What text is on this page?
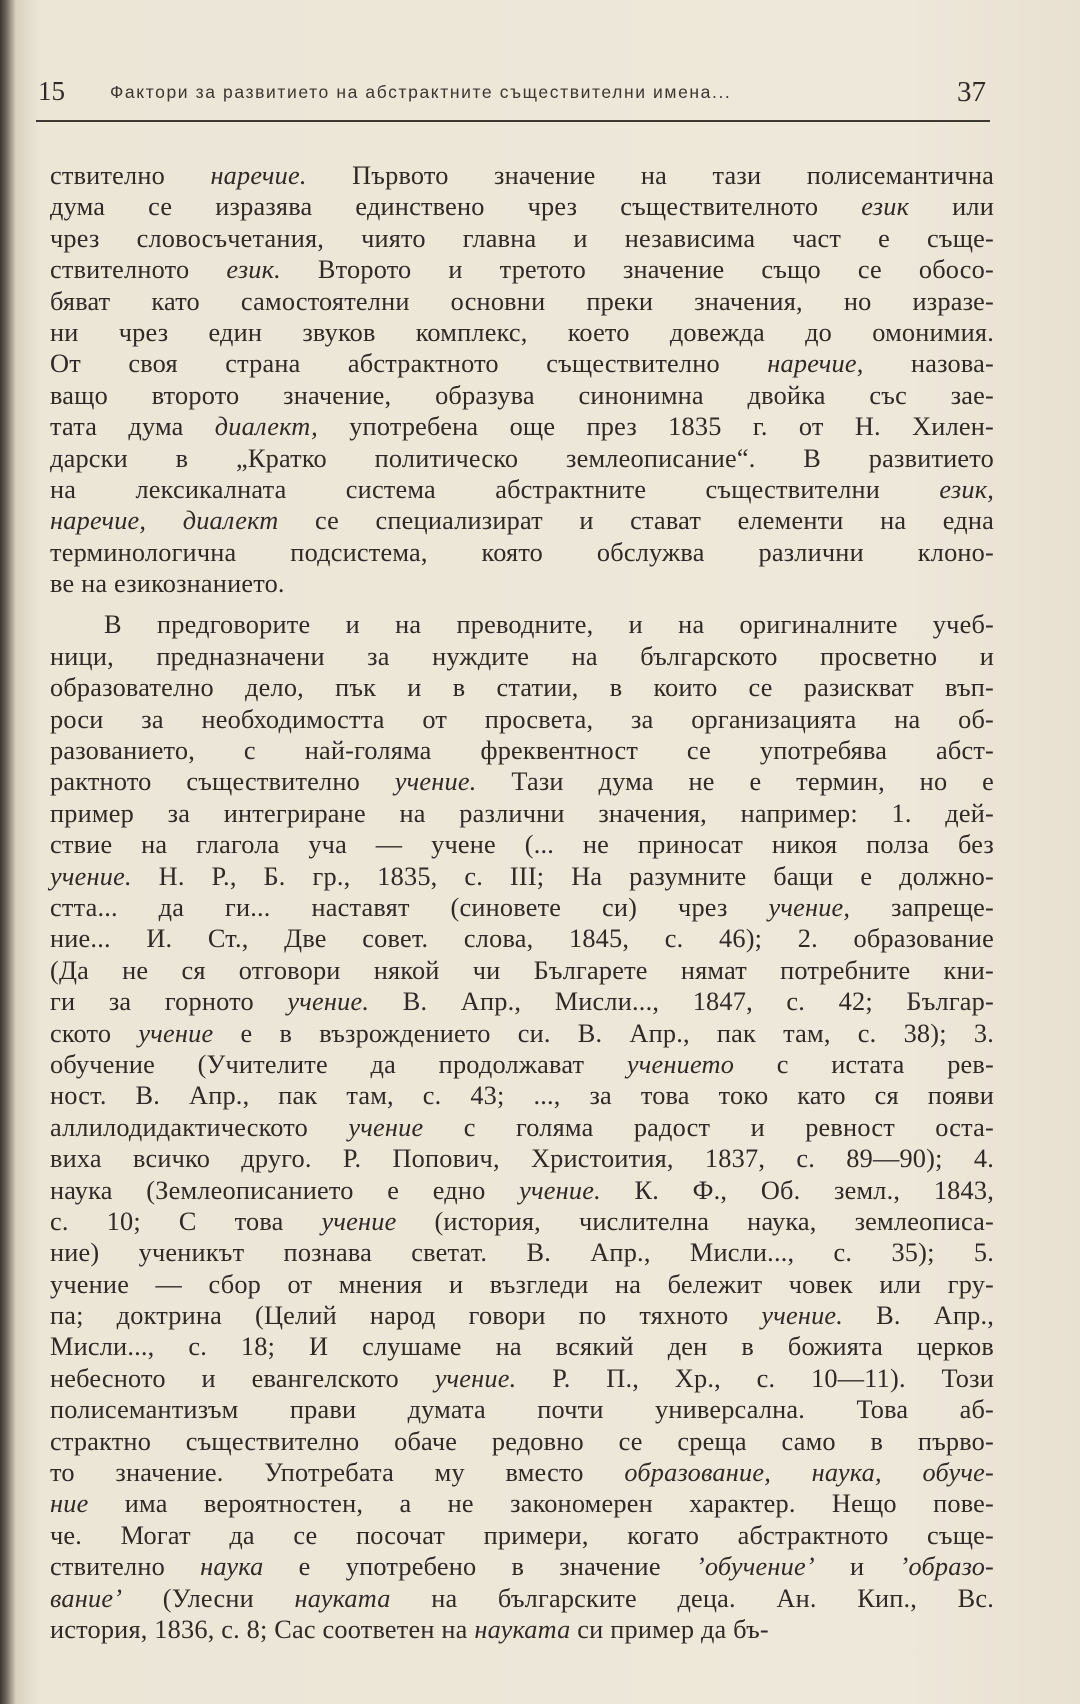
15	Фактори за развитието на абстрактните съществителни имена...	37
ствително наречие. Първото значение на тази полисемантична
дума се изразява единствено чрез съществителното език или
чрез словосъчетания, чиято главна и независима част е съще-
ствителното език. Второто и третото значение също се обосо-
бяват като самостоятелни основни преки значения, но изразе-
ни чрез един звуков комплекс, което довежда до омонимия.
От своя страна абстрактното съществително наречие, назова-
ващо второто значение, образува синонимна двойка със зае-
тата дума диалект, употребена още през 1835 г. от Н. Хилен-
дарски в „Кратко политическо землеописание“. В развитието
на лексикалната система абстрактните съществителни език,
наречие, диалект се специализират и стават елементи на една
терминологична подсистема, която обслужва различни клоно-
ве на езикознанието.
В предговорите и на преводните, и на оригиналните учеб-
ници, предназначени за нуждите на българското просветно и
образователно дело, пък и в статии, в които се разискват въп-
роси за необходимостта от просвета, за организацията на об-
разованието, с най-голяма фреквентност се употребява абст-
рактното съществително учение. Тази дума не е термин, но е
пример за интегриране на различни значения, например: 1. дей-
ствие на глагола уча — учене (... не приносат никоя полза без
учение. Н. Р., Б. гр., 1835, с. III; На разумните бащи е должно-
стта... да ги... наставят (синовете си) чрез учение, запреще-
ние... И. Ст., Две совет. слова, 1845, с. 46); 2. образование
(Да не ся отговори някой чи Българете нямат потребните кни-
ги за горното учение. В. Апр., Мисли..., 1847, с. 42; Българ-
ското учение е в възрождението си. В. Апр., пак там, с. 38); 3.
обучение (Учителите да продолжават учението с истата рев-
ност. В. Апр., пак там, с. 43; ..., за това токо като ся появи
аллилодидактическото учение с голяма радост и ревност оста-
виха всичко друго. Р. Попович, Христоития, 1837, с. 89—90); 4.
наука (Землеописанието е едно учение. К. Ф., Об. земл., 1843,
с. 10; С това учение (история, числителна наука, землеописа-
ние) ученикът познава светат. В. Апр., Мисли..., с. 35); 5.
учение — сбор от мнения и възгледи на бележит човек или гру-
па; доктрина (Целий народ говори по тяхното учение. В. Апр.,
Мисли..., с. 18; И слушаме на всякий ден в божията церков
небесното и евангелското учение. Р. П., Хр., с. 10—11). Този
полисемантизъм прави думата почти универсална. Това аб-
страктно съществително обаче редовно се среща само в първо-
то значение. Употребата му вместо образование, наука, обуче-
ние има вероятностен, а не закономерен характер. Нещо пове-
че. Могат да се посочат примери, когато абстрактното съще-
ствително наука е употребено в значение ’обучение’ и ’образо-
вание’ (Улесни науката на българските деца. Ан. Кип., Вс.
история, 1836, с. 8; Сас соответен на науката си пример да бъ-
